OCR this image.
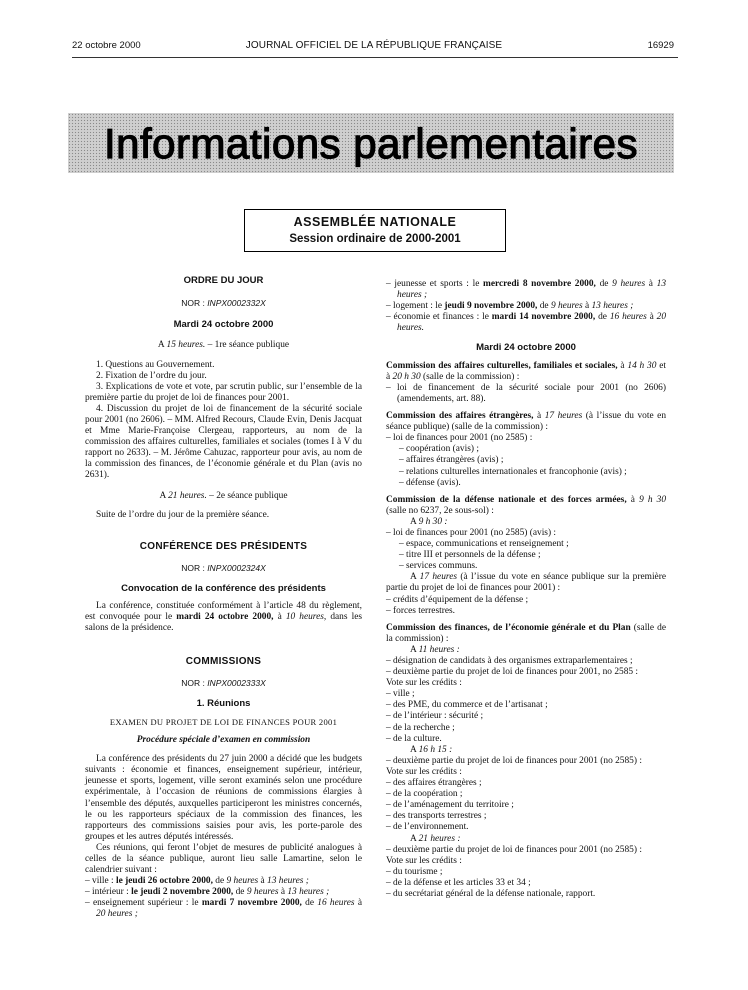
22 octobre 2000	JOURNAL OFFICIEL DE LA RÉPUBLIQUE FRANÇAISE	16929
Informations parlementaires
ASSEMBLÉE NATIONALE
Session ordinaire de 2000-2001
ORDRE DU JOUR
NOR : INPX0002332X
Mardi 24 octobre 2000
A 15 heures. – 1re séance publique

1. Questions au Gouvernement.

2. Fixation de l’ordre du jour.

3. Explications de vote et vote, par scrutin public, sur l’ensemble de la première partie du projet de loi de finances pour 2001.

4. Discussion du projet de loi de financement de la sécurité sociale pour 2001 (no 2606). – MM. Alfred Recours, Claude Evin, Denis Jacquat et Mme Marie-Françoise Clergeau, rapporteurs, au nom de la commission des affaires culturelles, familiales et sociales (tomes I à V du rapport no 2633). – M. Jérôme Cahuzac, rapporteur pour avis, au nom de la commission des finances, de l’économie générale et du Plan (avis no 2631).

A 21 heures. – 2e séance publique

Suite de l’ordre du jour de la première séance.

CONFÉRENCE DES PRÉSIDENTS
NOR : INPX0002324X
Convocation de la conférence des présidents

La conférence, constituée conformément à l’article 48 du règlement, est convoquée pour le mardi 24 octobre 2000, à 10 heures, dans les salons de la présidence.

COMMISSIONS
NOR : INPX0002333X
1. Réunions
EXAMEN DU PROJET DE LOI DE FINANCES POUR 2001
Procédure spéciale d’examen en commission

La conférence des présidents du 27 juin 2000 a décidé que les budgets suivants : économie et finances, enseignement supérieur, intérieur, jeunesse et sports, logement, ville seront examinés selon une procédure expérimentale, à l’occasion de réunions de commissions élargies à l’ensemble des députés, auxquelles participeront les ministres concernés, le ou les rapporteurs spéciaux de la commission des finances, les rapporteurs des commissions saisies pour avis, les porte-parole des groupes et les autres députés intéressés.

Ces réunions, qui feront l’objet de mesures de publicité analogues à celles de la séance publique, auront lieu salle Lamartine, selon le calendrier suivant :

– ville : le jeudi 26 octobre 2000, de 9 heures à 13 heures ;

– intérieur : le jeudi 2 novembre 2000, de 9 heures à 13 heures ;

– enseignement supérieur : le mardi 7 novembre 2000, de 16 heures à 20 heures ;

– jeunesse et sports : le mercredi 8 novembre 2000, de 9 heures à 13 heures ;

– logement : le jeudi 9 novembre 2000, de 9 heures à 13 heures ;

– économie et finances : le mardi 14 novembre 2000, de 16 heures à 20 heures.

Mardi 24 octobre 2000

Commission des affaires culturelles, familiales et sociales, à 14 h 30 et à 20 h 30 (salle de la commission) :

– loi de financement de la sécurité sociale pour 2001 (no 2606) (amendements, art. 88).

Commission des affaires étrangères, à 17 heures (à l’issue du vote en séance publique) (salle de la commission) :

– loi de finances pour 2001 (no 2585) :

– coopération (avis) ;

– affaires étrangères (avis) ;

– relations culturelles internationales et francophonie (avis) ;

– défense (avis).

Commission de la défense nationale et des forces armées, à 9 h 30 (salle no 6237, 2e sous-sol) :

A 9 h 30 :

– loi de finances pour 2001 (no 2585) (avis) :

– espace, communications et renseignement ;

– titre III et personnels de la défense ;

– services communs.

A 17 heures (à l’issue du vote en séance publique sur la première partie du projet de loi de finances pour 2001) :

– crédits d’équipement de la défense ;

– forces terrestres.

Commission des finances, de l’économie générale et du Plan (salle de la commission) :

A 11 heures :

– désignation de candidats à des organismes extraparlementaires ;

– deuxième partie du projet de loi de finances pour 2001, no 2585 :

Vote sur les crédits :

– ville ;

– des PME, du commerce et de l’artisanat ;

– de l’intérieur : sécurité ;

– de la recherche ;

– de la culture.

A 16 h 15 :

– deuxième partie du projet de loi de finances pour 2001 (no 2585) :

Vote sur les crédits :

– des affaires étrangères ;

– de la coopération ;

– de l’aménagement du territoire ;

– des transports terrestres ;

– de l’environnement.

A 21 heures :

– deuxième partie du projet de loi de finances pour 2001 (no 2585) :

Vote sur les crédits :

– du tourisme ;

– de la défense et les articles 33 et 34 ;

– du secrétariat général de la défense nationale, rapport.
